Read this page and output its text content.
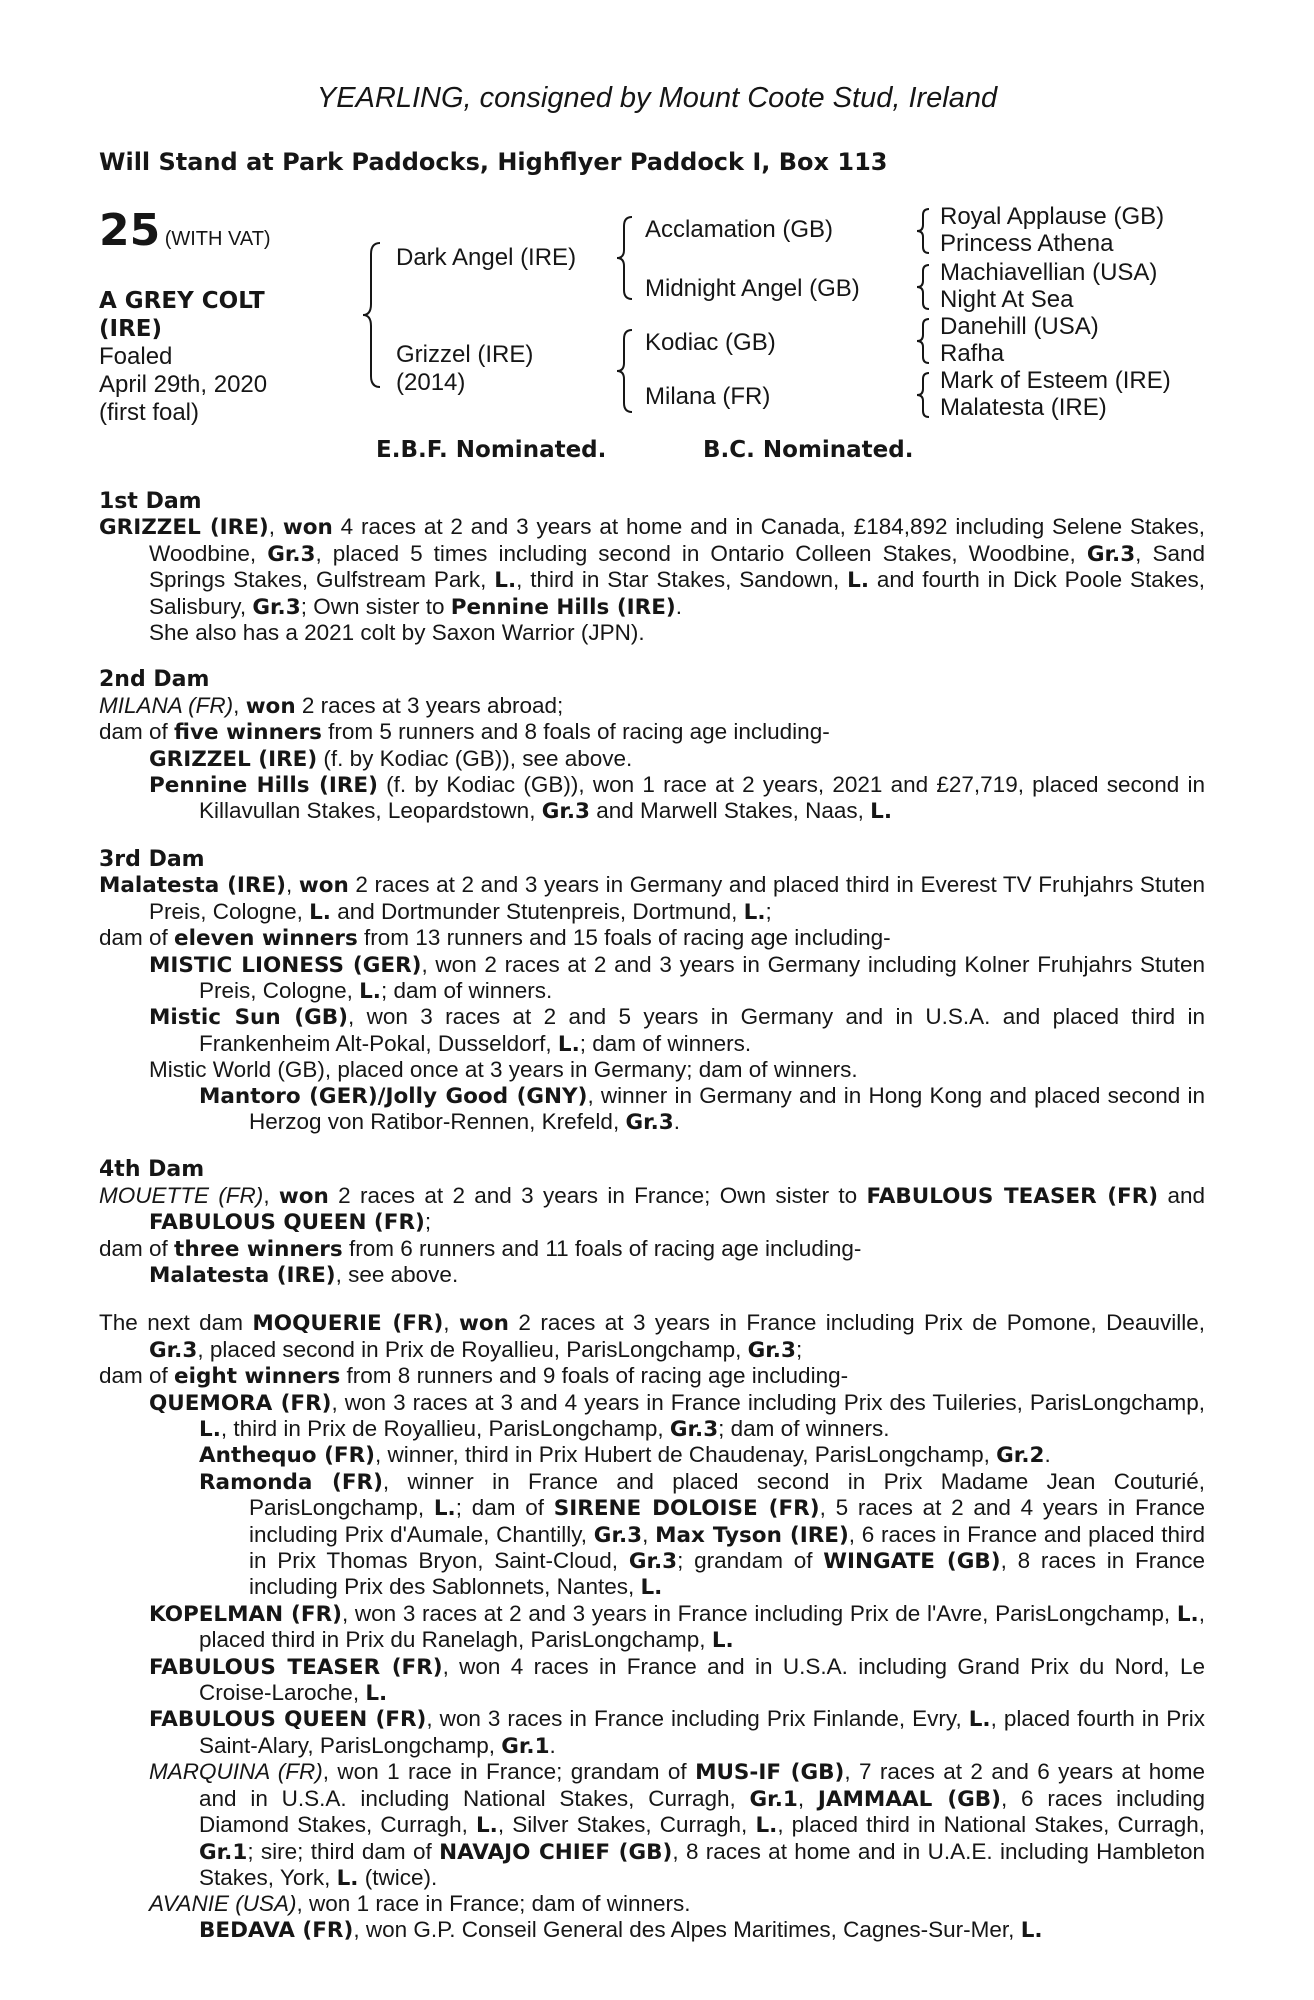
YEARLING, consigned by Mount Coote Stud, Ireland
Will Stand at Park Paddocks, Highflyer Paddock I, Box 113
25 (WITH VAT)
A GREY COLT
(IRE)
Foaled
April 29th, 2020
(first foal)
Dark Angel (IRE)
Grizzel (IRE)
(2014)
Acclamation (GB)
Midnight Angel (GB)
Kodiac (GB)
Milana (FR)
Royal Applause (GB)
Princess Athena
Machiavellian (USA)
Night At Sea
Danehill (USA)
Rafha
Mark of Esteem (IRE)
Malatesta (IRE)
E.B.F. Nominated.	B.C. Nominated.
1st Dam
GRIZZEL (IRE), won 4 races at 2 and 3 years at home and in Canada, £184,892 including Selene Stakes, Woodbine, Gr.3, placed 5 times including second in Ontario Colleen Stakes, Woodbine, Gr.3, Sand Springs Stakes, Gulfstream Park, L., third in Star Stakes, Sandown, L. and fourth in Dick Poole Stakes, Salisbury, Gr.3; Own sister to Pennine Hills (IRE).
She also has a 2021 colt by Saxon Warrior (JPN).
2nd Dam
MILANA (FR), won 2 races at 3 years abroad;
dam of five winners from 5 runners and 8 foals of racing age including-
GRIZZEL (IRE) (f. by Kodiac (GB)), see above.
Pennine Hills (IRE) (f. by Kodiac (GB)), won 1 race at 2 years, 2021 and £27,719, placed second in Killavullan Stakes, Leopardstown, Gr.3 and Marwell Stakes, Naas, L.
3rd Dam
Malatesta (IRE), won 2 races at 2 and 3 years in Germany and placed third in Everest TV Fruhjahrs Stuten Preis, Cologne, L. and Dortmunder Stutenpreis, Dortmund, L.;
dam of eleven winners from 13 runners and 15 foals of racing age including-
MISTIC LIONESS (GER), won 2 races at 2 and 3 years in Germany including Kolner Fruhjahrs Stuten Preis, Cologne, L.; dam of winners.
Mistic Sun (GB), won 3 races at 2 and 5 years in Germany and in U.S.A. and placed third in Frankenheim Alt-Pokal, Dusseldorf, L.; dam of winners.
Mistic World (GB), placed once at 3 years in Germany; dam of winners.
Mantoro (GER)/Jolly Good (GNY), winner in Germany and in Hong Kong and placed second in Herzog von Ratibor-Rennen, Krefeld, Gr.3.
4th Dam
MOUETTE (FR), won 2 races at 2 and 3 years in France; Own sister to FABULOUS TEASER (FR) and FABULOUS QUEEN (FR);
dam of three winners from 6 runners and 11 foals of racing age including-
Malatesta (IRE), see above.
The next dam MOQUERIE (FR), won 2 races at 3 years in France including Prix de Pomone, Deauville, Gr.3, placed second in Prix de Royallieu, ParisLongchamp, Gr.3;
dam of eight winners from 8 runners and 9 foals of racing age including-
QUEMORA (FR), won 3 races at 3 and 4 years in France including Prix des Tuileries, ParisLongchamp, L., third in Prix de Royallieu, ParisLongchamp, Gr.3; dam of winners.
Anthequo (FR), winner, third in Prix Hubert de Chaudenay, ParisLongchamp, Gr.2.
Ramonda (FR), winner in France and placed second in Prix Madame Jean Couturié, ParisLongchamp, L.; dam of SIRENE DOLOISE (FR), 5 races at 2 and 4 years in France including Prix d'Aumale, Chantilly, Gr.3, Max Tyson (IRE), 6 races in France and placed third in Prix Thomas Bryon, Saint-Cloud, Gr.3; grandam of WINGATE (GB), 8 races in France including Prix des Sablonnets, Nantes, L.
KOPELMAN (FR), won 3 races at 2 and 3 years in France including Prix de l'Avre, ParisLongchamp, L., placed third in Prix du Ranelagh, ParisLongchamp, L.
FABULOUS TEASER (FR), won 4 races in France and in U.S.A. including Grand Prix du Nord, Le Croise-Laroche, L.
FABULOUS QUEEN (FR), won 3 races in France including Prix Finlande, Evry, L., placed fourth in Prix Saint-Alary, ParisLongchamp, Gr.1.
MARQUINA (FR), won 1 race in France; grandam of MUS-IF (GB), 7 races at 2 and 6 years at home and in U.S.A. including National Stakes, Curragh, Gr.1, JAMMAAL (GB), 6 races including Diamond Stakes, Curragh, L., Silver Stakes, Curragh, L., placed third in National Stakes, Curragh, Gr.1; sire; third dam of NAVAJO CHIEF (GB), 8 races at home and in U.A.E. including Hambleton Stakes, York, L. (twice).
AVANIE (USA), won 1 race in France; dam of winners.
BEDAVA (FR), won G.P. Conseil General des Alpes Maritimes, Cagnes-Sur-Mer, L.
